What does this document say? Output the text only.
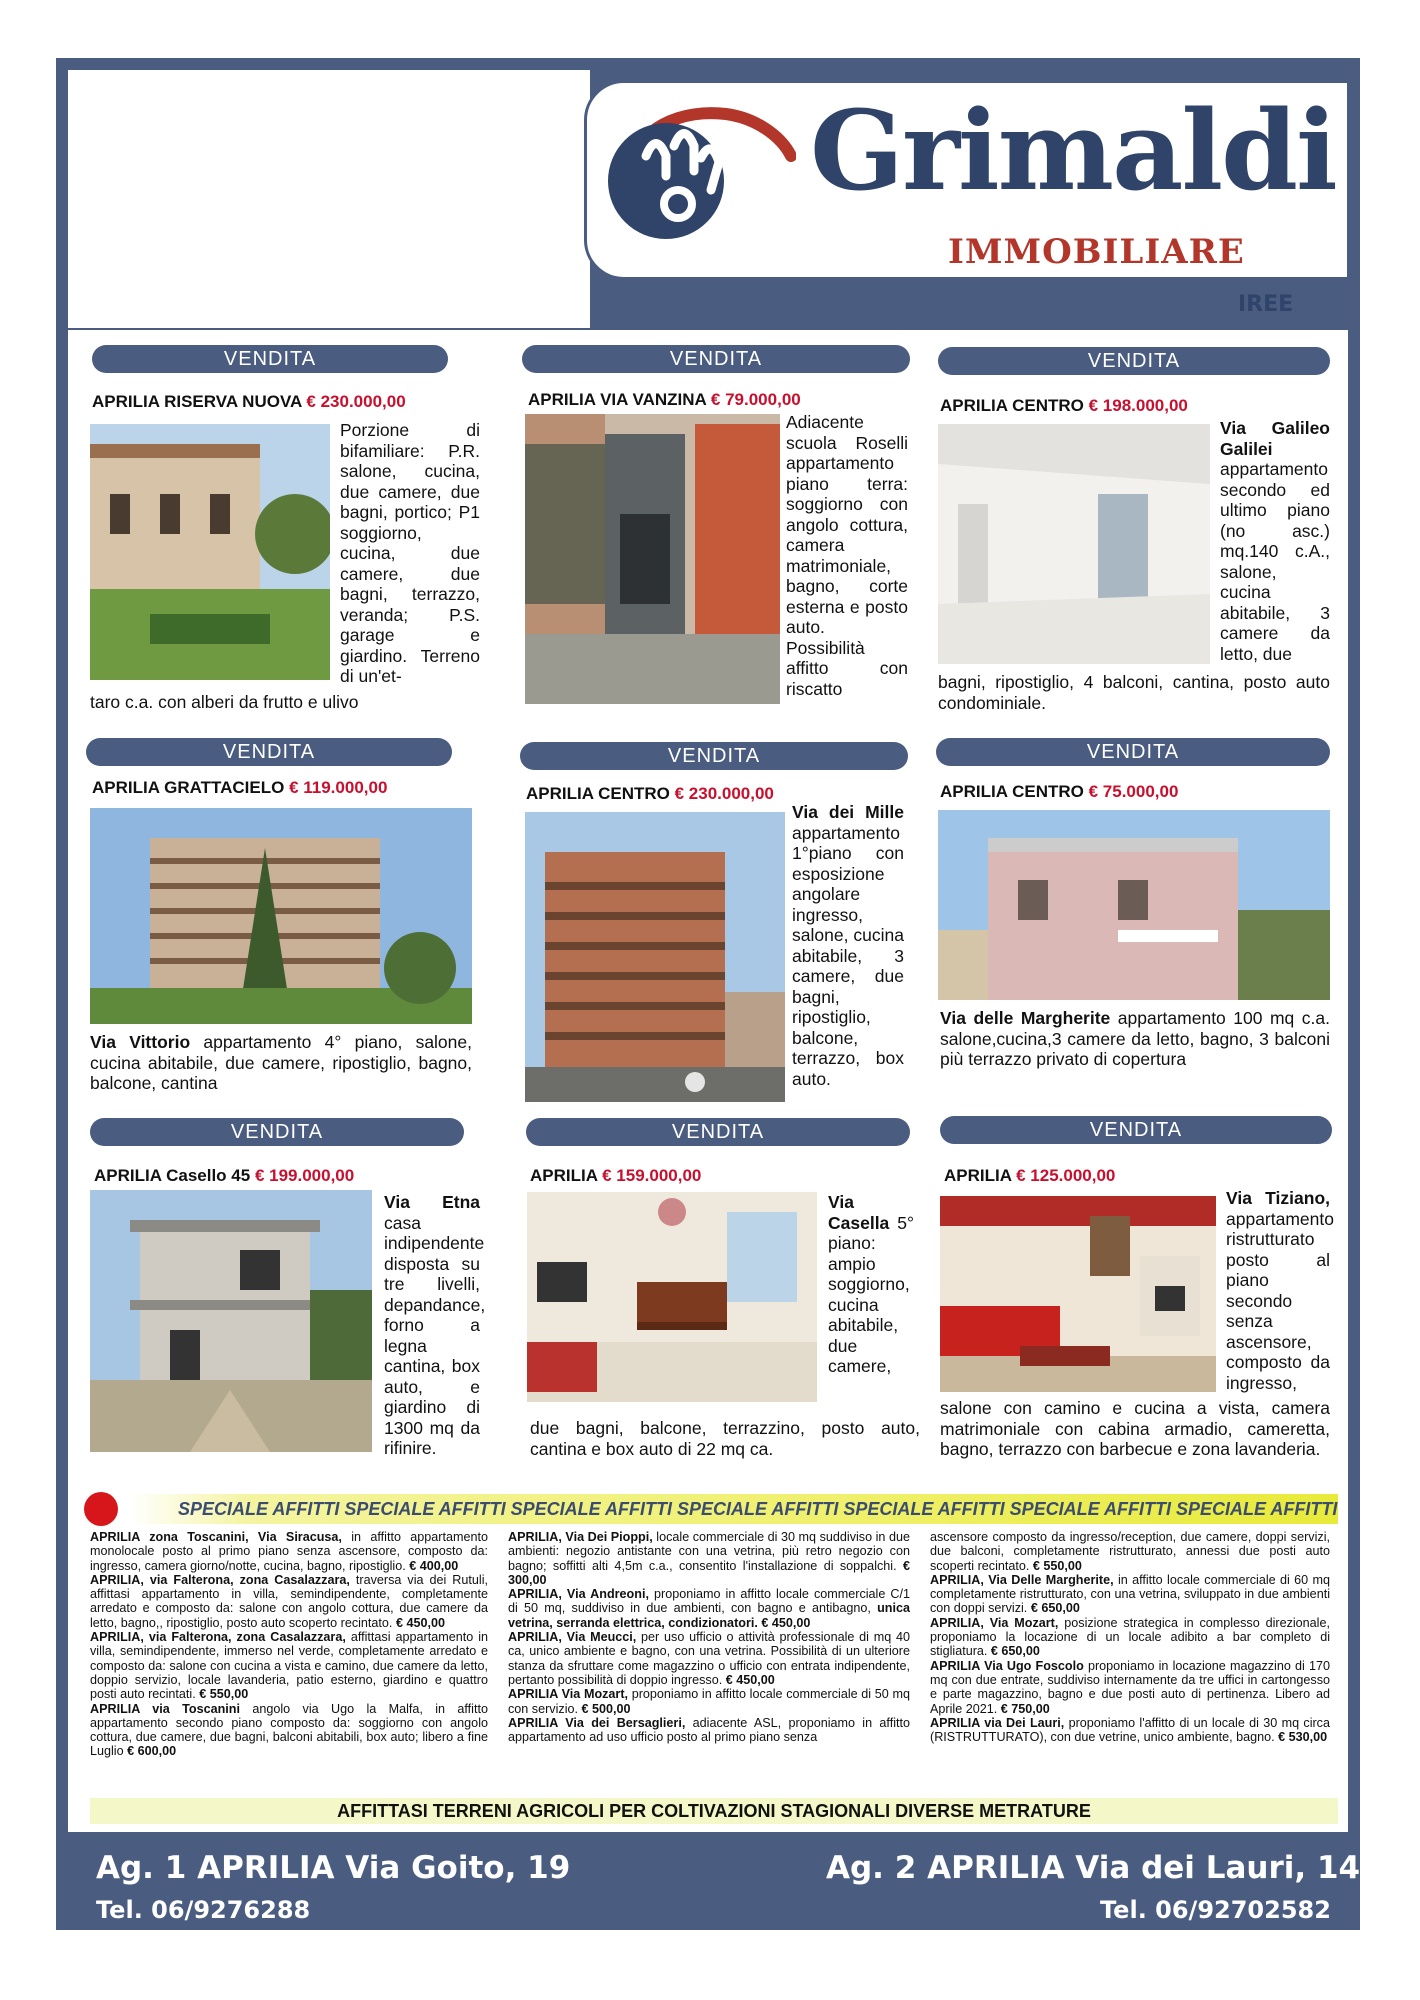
Grimaldi
IMMOBILIARE
IREE
VENDITA
APRILIA RISERVA NUOVA € 230.000,00
Porzione di bifamiliare: P.R. salone, cucina, due camere, due bagni, portico; P1 soggiorno, cucina, due camere, due bagni, terrazzo, veranda; P.S. garage e giardino. Terreno di un'et-
taro c.a. con alberi da frutto e ulivo
VENDITA
APRILIA VIA VANZINA € 79.000,00
Adiacente scuola Roselli appartamento piano terra: soggiorno con angolo cottura, camera matrimoniale, bagno, corte esterna e posto auto. Possibilità affitto con riscatto
VENDITA
APRILIA CENTRO € 198.000,00
Via Galileo Galilei appartamento secondo ed ultimo piano (no asc.) mq.140 c.A., salone, cucina abitabile, 3 camere da letto, due
bagni, ripostiglio, 4 balconi, cantina, posto auto condominiale.
VENDITA
APRILIA GRATTACIELO € 119.000,00
Via Vittorio appartamento 4° piano, salone, cucina abitabile, due camere, ripostiglio, bagno, balcone, cantina
VENDITA
APRILIA CENTRO € 230.000,00
Via dei Mille appartamento 1°piano con esposizione angolare ingresso, salone, cucina abitabile, 3 camere, due bagni, ripostiglio, balcone, terrazzo, box auto.
VENDITA
APRILIA CENTRO € 75.000,00
Via delle Margherite appartamento 100 mq c.a. salone,cucina,3 camere da letto, bagno, 3 balconi più terrazzo privato di copertura
VENDITA
APRILIA Casello 45 € 199.000,00
Via Etna casa indipendente disposta su tre livelli, depandance, forno a legna cantina, box auto, e giardino di 1300 mq da rifinire.
VENDITA
APRILIA € 159.000,00
Via Casella 5° piano: ampio soggiorno, cucina abitabile, due camere,
due bagni, balcone, terrazzino, posto auto, cantina e box auto di 22 mq ca.
VENDITA
APRILIA € 125.000,00
Via Tiziano, appartamento ristrutturato posto al piano secondo senza ascensore, composto da ingresso,
salone con camino e cucina a vista, camera matrimoniale con cabina armadio, cameretta, bagno, terrazzo con barbecue e zona lavanderia.
SPECIALE AFFITTI SPECIALE AFFITTI SPECIALE AFFITTI SPECIALE AFFITTI SPECIALE AFFITTI SPECIALE AFFITTI SPECIALE AFFITTI

APRILIA zona Toscanini, Via Siracusa, in affitto appartamento monolocale posto al primo piano senza ascensore, composto da: ingresso, camera giorno/notte, cucina, bagno, ripostiglio. € 400,00

APRILIA, via Falterona, zona Casalazzara, traversa via dei Rutuli, affittasi appartamento in villa, semindipendente, completamente arredato e composto da: salone con angolo cottura, due camere da letto, bagno,, ripostiglio, posto auto scoperto recintato. € 450,00

APRILIA, via Falterona, zona Casalazzara, affittasi appartamento in villa, semindipendente, immerso nel verde, completamente arredato e composto da: salone con cucina a vista e camino, due camere da letto, doppio servizio, locale lavanderia, patio esterno, giardino e quattro posti auto recintati. € 550,00

APRILIA via Toscanini angolo via Ugo la Malfa, in affitto appartamento secondo piano composto da: soggiorno con angolo cottura, due camere, due bagni, balconi abitabili, box auto; libero a fine Luglio € 600,00

APRILIA, Via Dei Pioppi, locale commerciale di 30 mq suddiviso in due ambienti: negozio antistante con una vetrina, più retro negozio con bagno; soffitti alti 4,5m c.a., consentito l'installazione di soppalchi. € 300,00

APRILIA, Via Andreoni, proponiamo in affitto locale commerciale C/1 di 50 mq, suddiviso in due ambienti, con bagno e antibagno, unica vetrina, serranda elettrica, condizionatori. € 450,00

APRILIA, Via Meucci, per uso ufficio o attività professionale di mq 40 ca, unico ambiente e bagno, con una vetrina. Possibilità di un ulteriore stanza da sfruttare come magazzino o ufficio con entrata indipendente, pertanto possibilità di doppio ingresso. € 450,00

APRILIA Via Mozart, proponiamo in affitto locale commerciale di 50 mq con servizio. € 500,00

APRILIA Via dei Bersaglieri, adiacente ASL, proponiamo in affitto appartamento ad uso ufficio posto al primo piano senza

ascensore composto da ingresso/reception, due camere, doppi servizi, due balconi, completamente ristrutturato, annessi due posti auto scoperti recintato. € 550,00

APRILIA, Via Delle Margherite, in affitto locale commerciale di 60 mq completamente ristrutturato, con una vetrina, sviluppato in due ambienti con doppi servizi. € 650,00

APRILIA, Via Mozart, posizione strategica in complesso direzionale, proponiamo la locazione di un locale adibito a bar completo di stigliatura. € 650,00

APRILIA Via Ugo Foscolo proponiamo in locazione magazzino di 170 mq con due entrate, suddiviso internamente da tre uffici in cartongesso e parte magazzino, bagno e due posti auto di pertinenza. Libero ad Aprile 2021. € 750,00

APRILIA via Dei Lauri, proponiamo l'affitto di un locale di 30 mq circa (RISTRUTTURATO), con due vetrine, unico ambiente, bagno. € 530,00

AFFITTASI TERRENI AGRICOLI PER COLTIVAZIONI STAGIONALI DIVERSE METRATURE
Ag. 1 APRILIA Via Goito, 19
Tel. 06/9276288
Ag. 2 APRILIA Via dei Lauri, 144
Tel. 06/92702582
